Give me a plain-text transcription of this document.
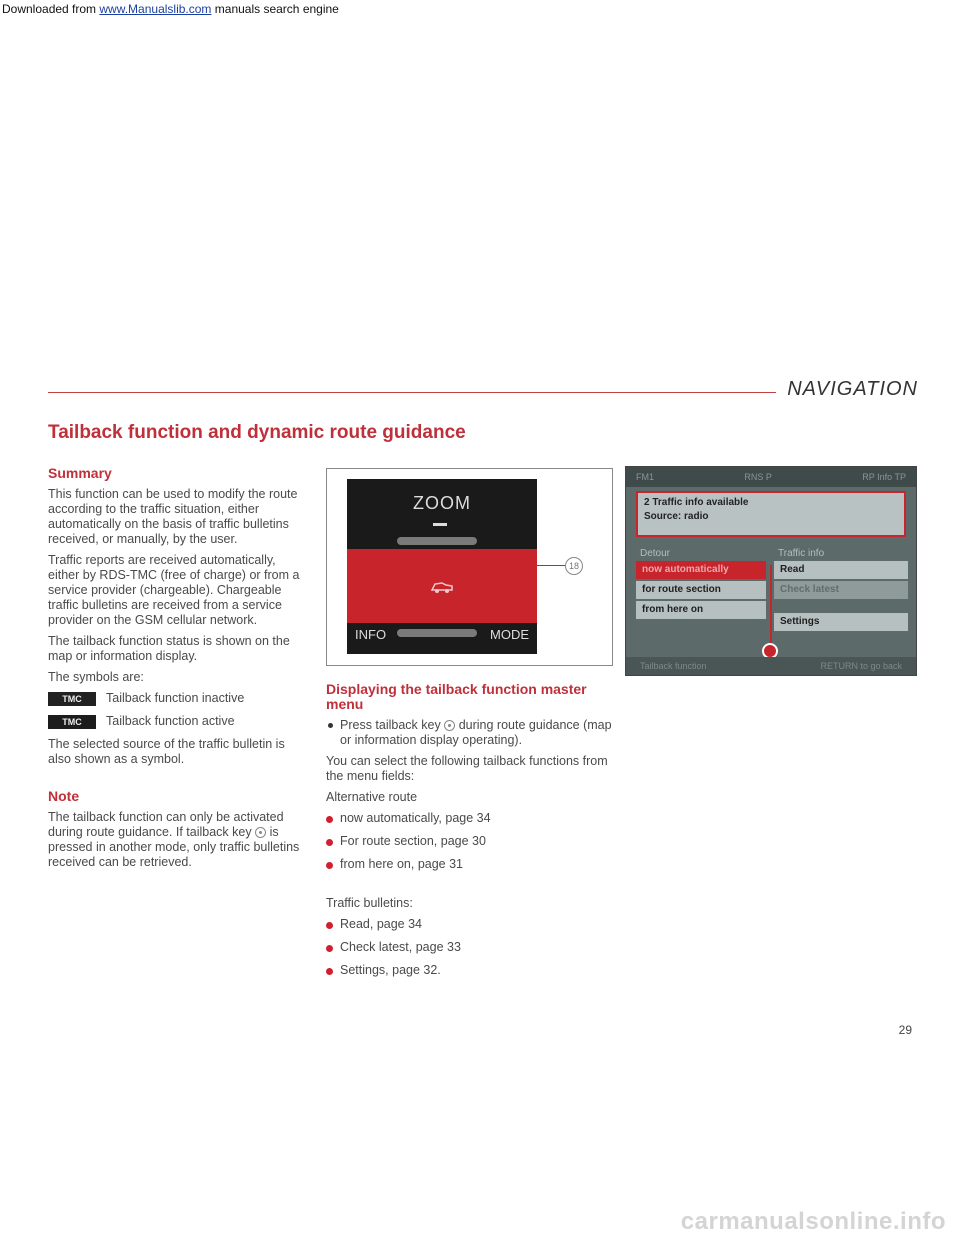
Downloaded from www.Manualslib.com manuals search engine
NAVIGATION
Tailback function and dynamic route guidance
Summary

This function can be used to modify the route according to the traffic situation, either automatically on the basis of traffic bulletins received, or manually, by the user.

Traffic reports are received automatically, either by RDS-TMC (free of charge) or from a service provider (chargeable). Chargeable traffic bulletins are received from a service provider on the GSM cellular network.

The tailback function status is shown on the map or information display.

The symbols are:

TMC Tailback function inactive
TMC Tailback function active

The selected source of the traffic bulletin is also shown as a symbol.

Note

The tailback function can only be activated during route guidance. If tailback key is pressed in another mode, only traffic bulletins received can be retrieved.

ZOOM
INFO	MODE
18
FM1	RNS P	RP Info TP
2 Traffic info available
Source: radio
Detour
now automatically
for route section
from here on
Traffic info
Read
Check latest
Settings
Tailback function	RETURN to go back
Displaying the tailback function master menu

Press tailback key during route guidance (map or information display operating).

You can select the following tailback functions from the menu fields:

Alternative route

now automatically, page 34
For route section, page 30
from here on, page 31

Traffic bulletins:

Read, page 34
Check latest, page 33
Settings, page 32.
29
carmanualsonline.info
